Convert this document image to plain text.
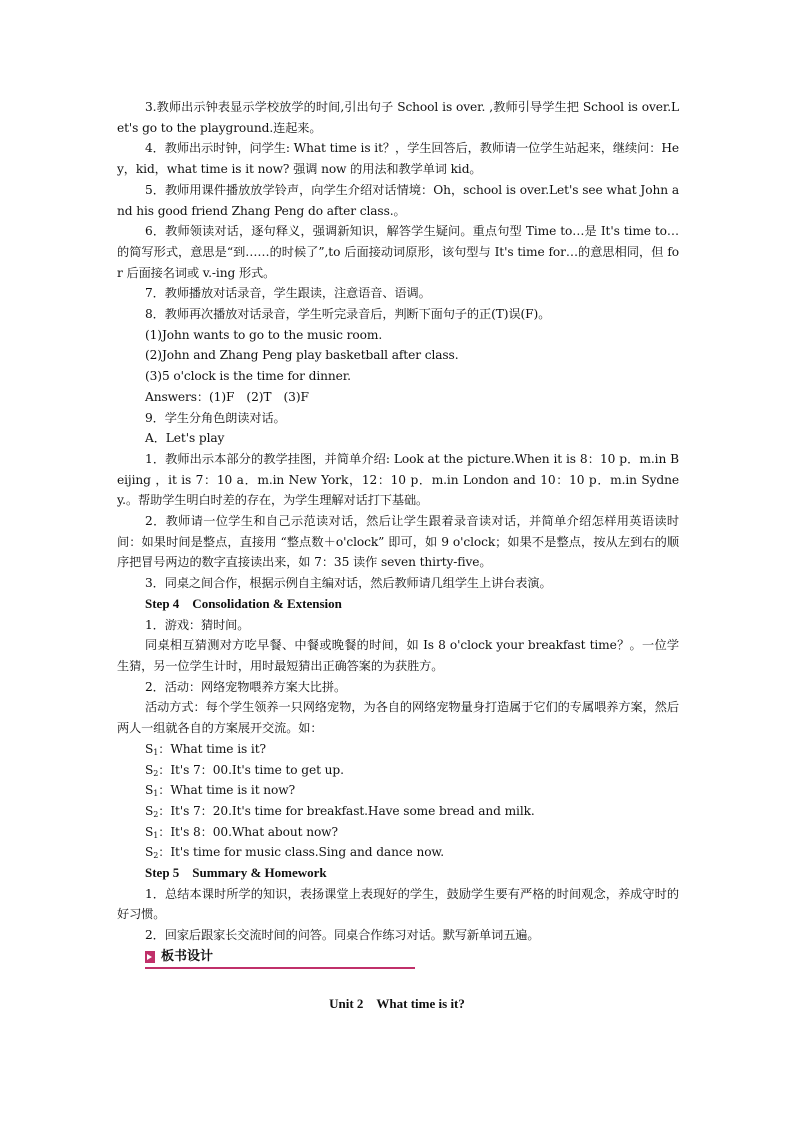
3.教师出示钟表显示学校放学的时间,引出句子 School is over. ,教师引导学生把 School is over.Let's go to the playground.连起来。

4．教师出示时钟，问学生: What time is it？，学生回答后，教师请一位学生站起来，继续问：Hey，kid，what time is it now? 强调 now 的用法和教学单词 kid。

5．教师用课件播放放学铃声，向学生介绍对话情境：Oh，school is over.Let's see what John and his good friend Zhang Peng do after class.。

6．教师领读对话，逐句释义，强调新知识，解答学生疑问。重点句型 Time to…是 It's time to…的简写形式，意思是“到……的时候了”,to 后面接动词原形，该句型与 It's time for…的意思相同，但 for 后面接名词或 v.-ing 形式。

7．教师播放对话录音，学生跟读，注意语音、语调。

8．教师再次播放对话录音，学生听完录音后，判断下面句子的正(T)误(F)。

(1)John wants to go to the music room.

(2)John and Zhang Peng play basketball after class.

(3)5 o'clock is the time for dinner.

Answers：(1)F　(2)T　(3)F

9．学生分角色朗读对话。

A．Let's play

1．教师出示本部分的教学挂图，并简单介绍: Look at the picture.When it is 8：10 p．m.in Beijing ，it is 7：10 a．m.in New York，12：10 p．m.in London and 10：10 p．m.in Sydney.。帮助学生明白时差的存在，为学生理解对话打下基础。

2．教师请一位学生和自己示范读对话，然后让学生跟着录音读对话，并简单介绍怎样用英语读时间：如果时间是整点，直接用 “整点数＋o'clock” 即可，如 9 o'clock；如果不是整点，按从左到右的顺序把冒号两边的数字直接读出来，如 7：35 读作 seven thirty-five。

3．同桌之间合作，根据示例自主编对话，然后教师请几组学生上讲台表演。

Step 4　Consolidation & Extension

1．游戏：猜时间。

同桌相互猜测对方吃早餐、中餐或晚餐的时间，如 Is 8 o'clock your breakfast time？。一位学生猜，另一位学生计时，用时最短猜出正确答案的为获胜方。

2．活动：网络宠物喂养方案大比拼。

活动方式：每个学生领养一只网络宠物，为各自的网络宠物量身打造属于它们的专属喂养方案，然后两人一组就各自的方案展开交流。如：

$S_1$：What time is it?

$S_2$：It's 7：00.It's time to get up.

$S_1$：What time is it now?

$S_2$：It's 7：20.It's time for breakfast.Have some bread and milk.

$S_1$：It's 8：00.What about now?

$S_2$：It's time for music class.Sing and dance now.

Step 5　Summary & Homework

1．总结本课时所学的知识，表扬课堂上表现好的学生，鼓励学生要有严格的时间观念，养成守时的好习惯。

2．回家后跟家长交流时间的问答。同桌合作练习对话。默写新单词五遍。

板书设计
Unit 2　What time is it?
